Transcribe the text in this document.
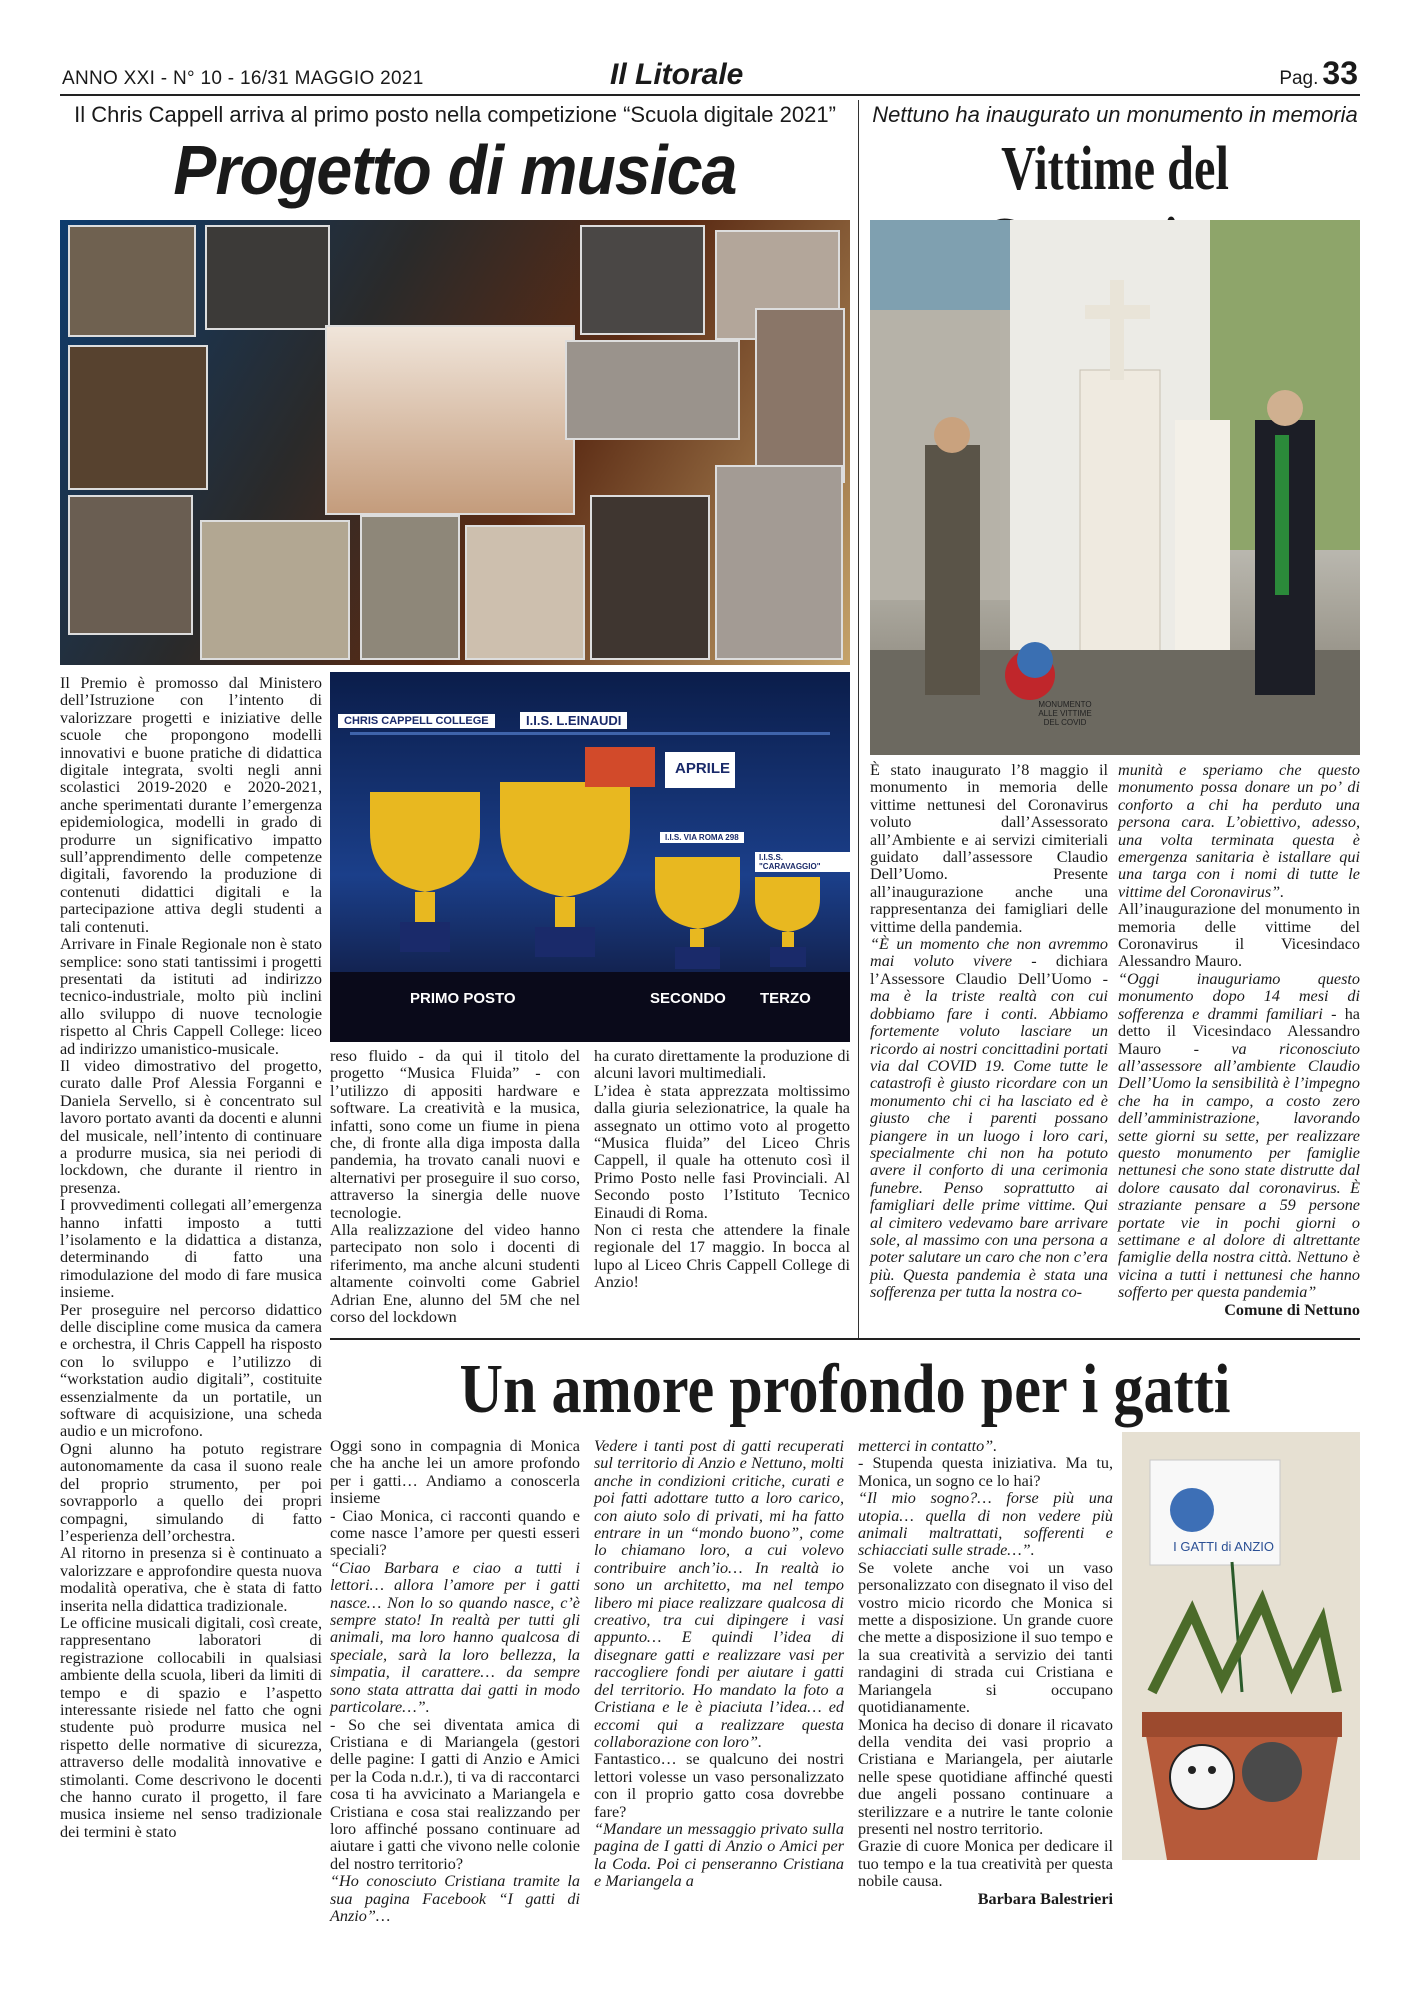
ANNO XXI - N° 10 - 16/31 MAGGIO 2021	Il Litorale	Pag. 33
Il Chris Cappell arriva al primo posto nella competizione “Scuola digitale 2021”	Nettuno ha inaugurato un monumento in memoria
Progetto di musica	Vittime del
CHRIS CAPPELL COLLEGE	I.I.S. L.EINAUDI
I.I.S. VIA ROMA 298
I.I.S.S. "CARAVAGGIO"
APRILE
PRIMO POSTO	SECONDO TERZO
MONUMENTO ALLE VITTIME DEL COVID

Il Premio è promosso dal Ministero dell’Istruzione con l’intento di valorizzare progetti e iniziative delle scuole che propongono modelli innovativi e buone pratiche di didattica digitale integrata, svolti negli anni scolastici 2019-2020 e 2020-2021, anche sperimentati durante l’emergenza epidemiologica, modelli in grado di produrre un significativo impatto sull’apprendimento delle competenze digitali, favorendo la produzione di contenuti didattici digitali e la partecipazione attiva degli studenti a tali contenuti.

Arrivare in Finale Regionale non è stato semplice: sono stati tantissimi i progetti presentati da istituti ad indirizzo tecnico-industriale, molto più inclini allo sviluppo di nuove tecnologie rispetto al Chris Cappell College: liceo ad indirizzo umanistico-musicale.

Il video dimostrativo del progetto, curato dalle Prof Alessia Forganni e Daniela Servello, si è concentrato sul lavoro portato avanti da docenti e alunni del musicale, nell’intento di continuare a produrre musica, sia nei periodi di lockdown, che durante il rientro in presenza.

I provvedimenti collegati all’emergenza hanno infatti imposto a tutti l’isolamento e la didattica a distanza, determinando di fatto una rimodulazione del modo di fare musica insieme.

Per proseguire nel percorso didattico delle discipline come musica da camera e orchestra, il Chris Cappell ha risposto con lo sviluppo e l’utilizzo di “workstation audio digitali”, costituite essenzialmente da un portatile, un software di acquisizione, una scheda audio e un microfono.

Ogni alunno ha potuto registrare autonomamente da casa il suono reale del proprio strumento, per poi sovrapporlo a quello dei propri compagni, simulando di fatto l’esperienza dell’orchestra.

Al ritorno in presenza si è continuato a valorizzare e approfondire questa nuova modalità operativa, che è stata di fatto inserita nella didattica tradizionale.

Le officine musicali digitali, così create, rappresentano laboratori di registrazione collocabili in qualsiasi ambiente della scuola, liberi da limiti di tempo e di spazio e l’aspetto interessante risiede nel fatto che ogni studente può produrre musica nel rispetto delle normative di sicurezza, attraverso delle modalità innovative e stimolanti. Come descrivono le docenti che hanno curato il progetto, il fare musica insieme nel senso tradizionale dei termini è stato

reso fluido - da qui il titolo del progetto “Musica Fluida” - con l’utilizzo di appositi hardware e software. La creatività e la musica, infatti, sono come un fiume in piena che, di fronte alla diga imposta dalla pandemia, ha trovato canali nuovi e alternativi per proseguire il suo corso, attraverso la sinergia delle nuove tecnologie.

Alla realizzazione del video hanno partecipato non solo i docenti di riferimento, ma anche alcuni studenti altamente coinvolti come Gabriel Adrian Ene, alunno del 5M che nel corso del lockdown

ha curato direttamente la produzione di alcuni lavori multimediali.

L’idea è stata apprezzata moltissimo dalla giuria selezionatrice, la quale ha assegnato un ottimo voto al progetto “Musica fluida” del Liceo Chris Cappell, il quale ha ottenuto così il Primo Posto nelle fasi Provinciali. Al Secondo posto l’Istituto Tecnico Einaudi di Roma.

Non ci resta che attendere la finale regionale del 17 maggio. In bocca al lupo al Liceo Chris Cappell College di Anzio!

È stato inaugurato l’8 maggio il monumento in memoria delle vittime nettunesi del Coronavirus voluto dall’Assessorato all’Ambiente e ai servizi cimiteriali guidato dall’assessore Claudio Dell’Uomo. Presente all’inaugurazione anche una rappresentanza dei famigliari delle vittime della pandemia.

“È un momento che non avremmo mai voluto vivere - dichiara l’Assessore Claudio Dell’Uomo - ma è la triste realtà con cui dobbiamo fare i conti. Abbiamo fortemente voluto lasciare un ricordo ai nostri concittadini portati via dal COVID 19. Come tutte le catastrofi è giusto ricordare con un monumento chi ci ha lasciato ed è giusto che i parenti possano piangere in un luogo i loro cari, specialmente chi non ha potuto avere il conforto di una cerimonia funebre. Penso soprattutto ai famigliari delle prime vittime. Qui al cimitero vedevamo bare arrivare sole, al massimo con una persona a poter salutare un caro che non c’era più. Questa pandemia è stata una sofferenza per tutta la nostra co-

munità e speriamo che questo monumento possa donare un po’ di conforto a chi ha perduto una persona cara. L’obiettivo, adesso, una volta terminata questa è emergenza sanitaria è istallare qui una targa con i nomi di tutte le vittime del Coronavirus”.

All’inaugurazione del monumento in memoria delle vittime del Coronavirus il Vicesindaco Alessandro Mauro.

“Oggi inauguriamo questo monumento dopo 14 mesi di sofferenza e drammi familiari - ha detto il Vicesindaco Alessandro Mauro - va riconosciuto all’assessore all’ambiente Claudio Dell’Uomo la sensibilità è l’impegno che ha in campo, a costo zero dell’amministrazione, lavorando sette giorni su sette, per realizzare questo monumento per famiglie nettunesi che sono state distrutte dal dolore causato dal coronavirus. È straziante pensare a 59 persone portate vie in pochi giorni o settimane e al dolore di altrettante famiglie della nostra città. Nettuno è vicina a tutti i nettunesi che hanno sofferto per questa pandemia”

Comune di Nettuno

Un amore profondo per i gatti

Oggi sono in compagnia di Monica che ha anche lei un amore profondo per i gatti… Andiamo a conoscerla insieme

- Ciao Monica, ci racconti quando e come nasce l’amore per questi esseri speciali?

“Ciao Barbara e ciao a tutti i lettori… allora l’amore per i gatti nasce… Non lo so quando nasce, c’è sempre stato! In realtà per tutti gli animali, ma loro hanno qualcosa di speciale, sarà la loro bellezza, la simpatia, il carattere… da sempre sono stata attratta dai gatti in modo particolare…”.

- So che sei diventata amica di Cristiana e di Mariangela (gestori delle pagine: I gatti di Anzio e Amici per la Coda n.d.r.), ti va di raccontarci cosa ti ha avvicinato a Mariangela e Cristiana e cosa stai realizzando per loro affinché possano continuare ad aiutare i gatti che vivono nelle colonie del nostro territorio?

“Ho conosciuto Cristiana tramite la sua pagina Facebook “I gatti di Anzio”…

Vedere i tanti post di gatti recuperati sul territorio di Anzio e Nettuno, molti anche in condizioni critiche, curati e poi fatti adottare tutto a loro carico, con aiuto solo di privati, mi ha fatto entrare in un “mondo buono”, come lo chiamano loro, a cui volevo contribuire anch’io… In realtà io sono un architetto, ma nel tempo libero mi piace realizzare qualcosa di creativo, tra cui dipingere i vasi appunto… E quindi l’idea di disegnare gatti e realizzare vasi per raccogliere fondi per aiutare i gatti del territorio. Ho mandato la foto a Cristiana e le è piaciuta l’idea… ed eccomi qui a realizzare questa collaborazione con loro”.

Fantastico… se qualcuno dei nostri lettori volesse un vaso personalizzato con il proprio gatto cosa dovrebbe fare?

“Mandare un messaggio privato sulla pagina de I gatti di Anzio o Amici per la Coda. Poi ci penseranno Cristiana e Mariangela a

metterci in contatto”.

- Stupenda questa iniziativa. Ma tu, Monica, un sogno ce lo hai?

“Il mio sogno?… forse più una utopia… quella di non vedere più animali maltrattati, sofferenti e schiacciati sulle strade…”.

Se volete anche voi un vaso personalizzato con disegnato il viso del vostro micio ricordo che Monica si mette a disposizione. Un grande cuore che mette a disposizione il suo tempo e la sua creatività a servizio dei tanti randagini di strada cui Cristiana e Mariangela si occupano quotidianamente.

Monica ha deciso di donare il ricavato della vendita dei vasi proprio a Cristiana e Mariangela, per aiutarle nelle spese quotidiane affinché questi due angeli possano continuare a sterilizzare e a nutrire le tante colonie presenti nel nostro territorio.

Grazie di cuore Monica per dedicare il tuo tempo e la tua creatività per questa nobile causa.

Barbara Balestrieri

I GATTI di ANZIO
